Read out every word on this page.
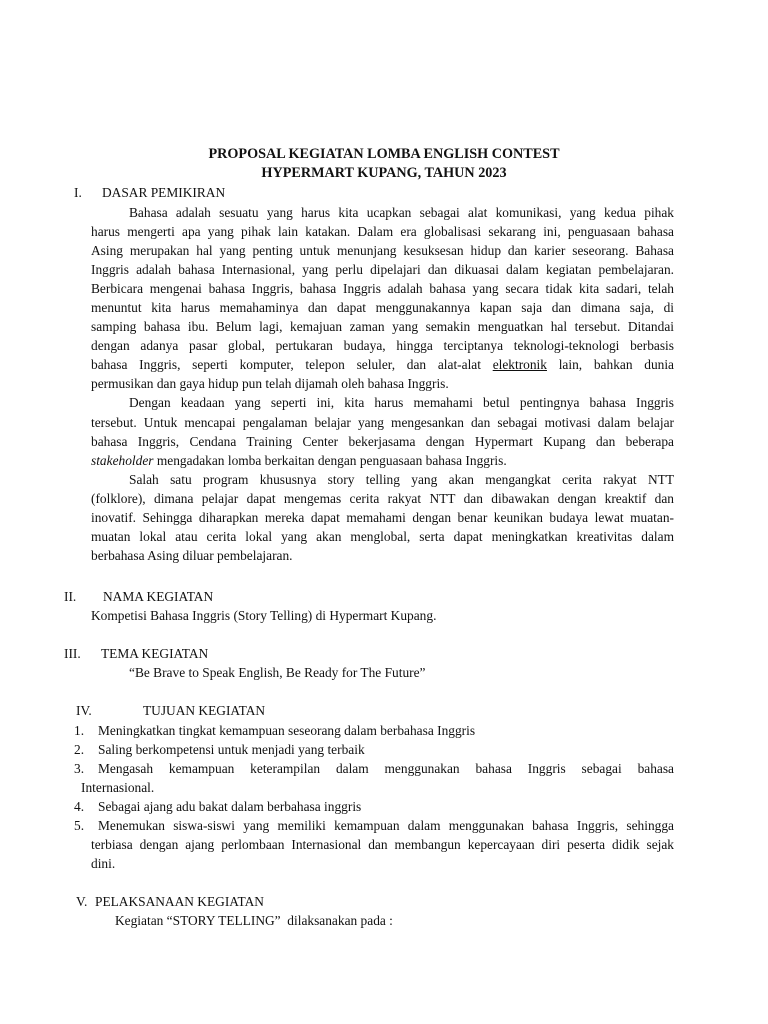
PROPOSAL KEGIATAN LOMBA ENGLISH CONTEST
HYPERMART KUPANG, TAHUN 2023
I. DASAR PEMIKIRAN
Bahasa adalah sesuatu yang harus kita ucapkan sebagai alat komunikasi, yang kedua pihak
harus mengerti apa yang pihak lain katakan. Dalam era globalisasi sekarang ini, penguasaan bahasa
Asing merupakan hal yang penting untuk menunjang kesuksesan hidup dan karier seseorang. Bahasa
Inggris adalah bahasa Internasional, yang perlu dipelajari dan dikuasai dalam kegiatan pembelajaran.
Berbicara mengenai bahasa Inggris, bahasa Inggris adalah bahasa yang secara tidak kita sadari, telah
menuntut kita harus memahaminya dan dapat menggunakannya kapan saja dan dimana saja, di
samping bahasa ibu. Belum lagi, kemajuan zaman yang semakin menguatkan hal tersebut. Ditandai
dengan adanya pasar global, pertukaran budaya, hingga terciptanya teknologi-teknologi berbasis
bahasa Inggris, seperti komputer, telepon seluler, dan alat-alat elektronik lain, bahkan dunia
permusikan dan gaya hidup pun telah dijamah oleh bahasa Inggris.
Dengan keadaan yang seperti ini, kita harus memahami betul pentingnya bahasa Inggris
tersebut. Untuk mencapai pengalaman belajar yang mengesankan dan sebagai motivasi dalam belajar
bahasa Inggris, Cendana Training Center bekerjasama dengan Hypermart Kupang dan beberapa
stakeholder mengadakan lomba berkaitan dengan penguasaan bahasa Inggris.
Salah satu program khususnya story telling yang akan mengangkat cerita rakyat NTT
(folklore), dimana pelajar dapat mengemas cerita rakyat NTT dan dibawakan dengan kreaktif dan
inovatif. Sehingga diharapkan mereka dapat memahami dengan benar keunikan budaya lewat muatan-
muatan lokal atau cerita lokal yang akan menglobal, serta dapat meningkatkan kreativitas dalam
berbahasa Asing diluar pembelajaran.
II. NAMA KEGIATAN
Kompetisi Bahasa Inggris (Story Telling) di Hypermart Kupang.
III. TEMA KEGIATAN
“Be Brave to Speak English, Be Ready for The Future”
IV.	TUJUAN KEGIATAN
1. Meningkatkan tingkat kemampuan seseorang dalam berbahasa Inggris
2. Saling berkompetensi untuk menjadi yang terbaik
3.	Mengasah kemampuan keterampilan dalam menggunakan bahasa Inggris sebagai bahasa
Internasional.
4. Sebagai ajang adu bakat dalam berbahasa inggris
5.	Menemukan siswa-siswi yang memiliki kemampuan dalam menggunakan bahasa Inggris, sehingga
terbiasa dengan ajang perlombaan Internasional dan membangun kepercayaan diri peserta didik sejak
dini.
V. PELAKSANAAN KEGIATAN
Kegiatan “STORY TELLING”  dilaksanakan pada :
